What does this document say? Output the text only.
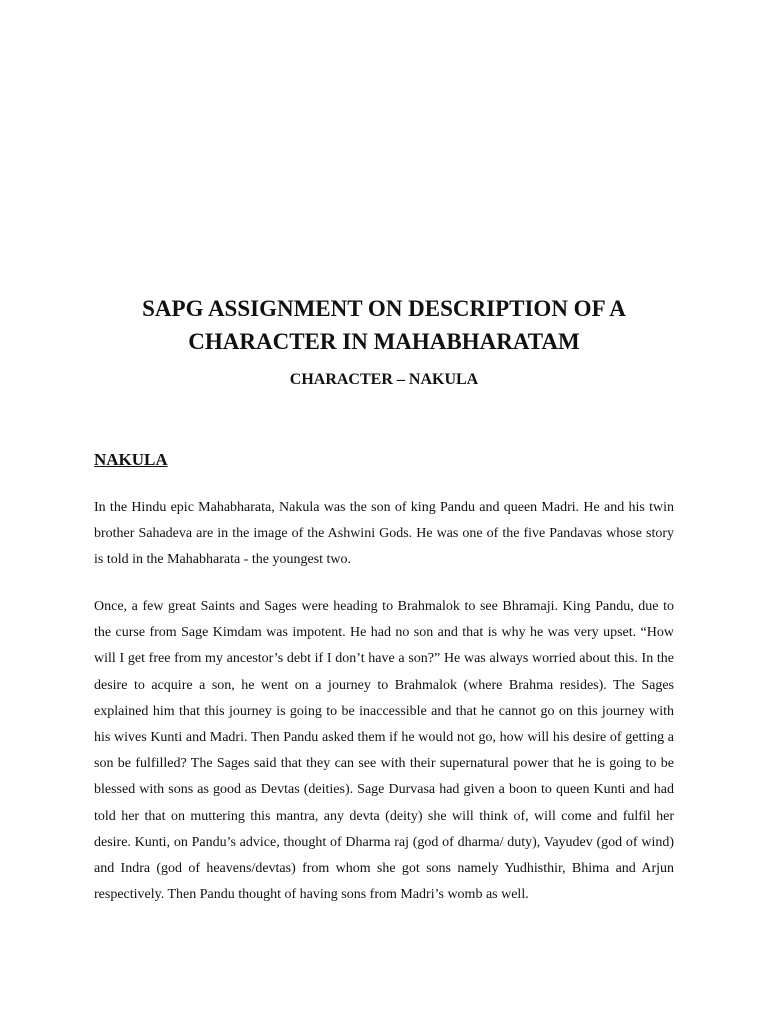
SAPG ASSIGNMENT ON DESCRIPTION OF A
CHARACTER IN MAHABHARATAM
CHARACTER – NAKULA
NAKULA

In the Hindu epic Mahabharata, Nakula was the son of king Pandu and queen Madri. He and his twin brother Sahadeva are in the image of the Ashwini Gods. He was one of the five Pandavas whose story is told in the Mahabharata - the youngest two.

Once, a few great Saints and Sages were heading to Brahmalok to see Bhramaji. King Pandu, due to the curse from Sage Kimdam was impotent. He had no son and that is why he was very upset. “How will I get free from my ancestor’s debt if I don’t have a son?” He was always worried about this. In the desire to acquire a son, he went on a journey to Brahmalok (where Brahma resides). The Sages explained him that this journey is going to be inaccessible and that he cannot go on this journey with his wives Kunti and Madri. Then Pandu asked them if he would not go, how will his desire of getting a son be fulfilled? The Sages said that they can see with their supernatural power that he is going to be blessed with sons as good as Devtas (deities). Sage Durvasa had given a boon to queen Kunti and had told her that on muttering this mantra, any devta (deity) she will think of, will come and fulfil her desire. Kunti, on Pandu’s advice, thought of Dharma raj (god of dharma/ duty), Vayudev (god of wind) and Indra (god of heavens/devtas) from whom she got sons namely Yudhisthir, Bhima and Arjun respectively. Then Pandu thought of having sons from Madri’s womb as well.
